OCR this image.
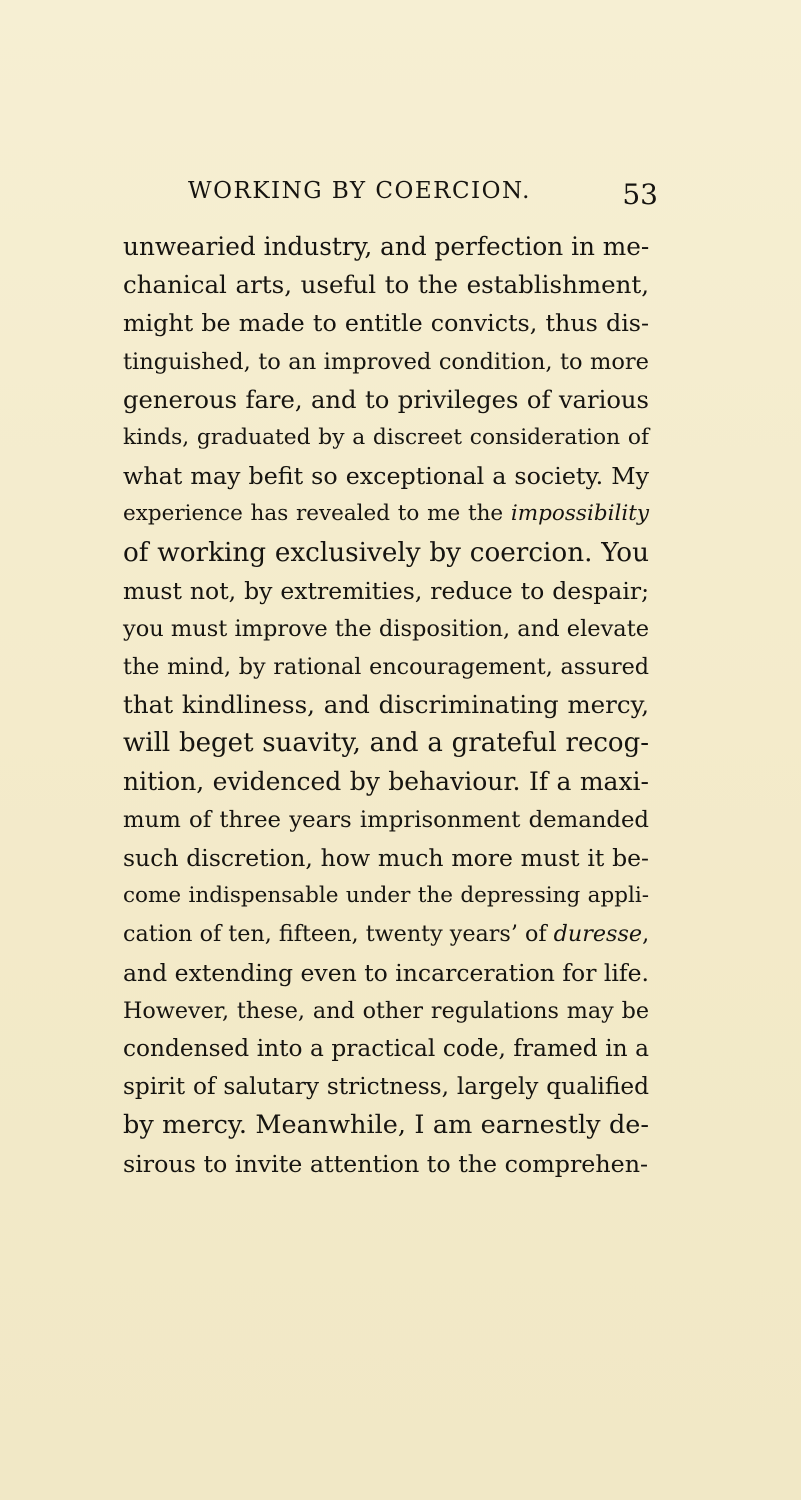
WORKING BY COERCION.	53
unwearied industry, and perfection in me-
chanical arts, useful to the establishment,
might be made to entitle convicts, thus dis-
tinguished, to an improved condition, to more
generous fare, and to privileges of various
kinds, graduated by a discreet consideration of
what may befit so exceptional a society. My
experience has revealed to me the impossibility
of working exclusively by coercion. You
must not, by extremities, reduce to despair;
you must improve the disposition, and elevate
the mind, by rational encouragement, assured
that kindliness, and discriminating mercy,
will beget suavity, and a grateful recog-
nition, evidenced by behaviour. If a maxi-
mum of three years imprisonment demanded
such discretion, how much more must it be-
come indispensable under the depressing appli-
cation of ten, fifteen, twenty years’ of duresse,
and extending even to incarceration for life.
However, these, and other regulations may be
condensed into a practical code, framed in a
spirit of salutary strictness, largely qualified
by mercy. Meanwhile, I am earnestly de-
sirous to invite attention to the comprehen-
